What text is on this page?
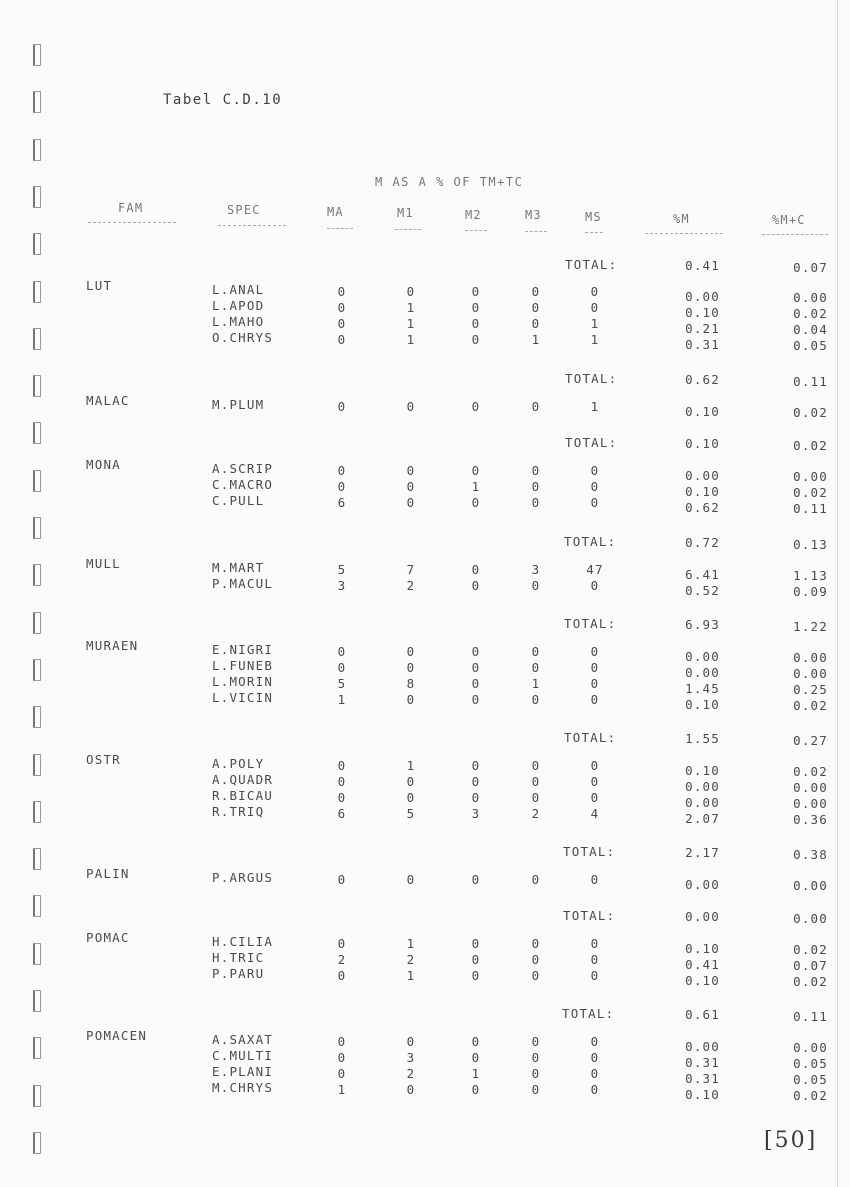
Tabel C.D.10
M AS A % OF TM+TC
FAM	SPEC	MA	M1	M2	M3	MS	%M	%M+C
TOTAL:	0.41	0.07
LUT	L.ANAL	0	0	0	0	0	0.00	0.00
L.APOD	0	1	0	0	0	0.10	0.02
L.MAHO	0	1	0	0	1	0.21	0.04
O.CHRYS	0	1	0	1	1	0.31	0.05
TOTAL:	0.62	0.11
MALAC	M.PLUM	0	0	0	0	1	0.10	0.02
TOTAL:	0.10	0.02
MONA	A.SCRIP	0	0	0	0	0	0.00	0.00
C.MACRO	0	0	1	0	0	0.10	0.02
C.PULL	6	0	0	0	0	0.62	0.11
TOTAL:	0.72	0.13
MULL	M.MART	5	7	0	3	47	6.41	1.13
P.MACUL	3	2	0	0	0	0.52	0.09
TOTAL:	6.93	1.22
MURAEN	E.NIGRI	0	0	0	0	0	0.00	0.00
L.FUNEB	0	0	0	0	0	0.00	0.00
L.MORIN	5	8	0	1	0	1.45	0.25
L.VICIN	1	0	0	0	0	0.10	0.02
TOTAL:	1.55	0.27
OSTR	A.POLY	0	1	0	0	0	0.10	0.02
A.QUADR	0	0	0	0	0	0.00	0.00
R.BICAU	0	0	0	0	0	0.00	0.00
R.TRIQ	6	5	3	2	4	2.07	0.36
TOTAL:	2.17	0.38
PALIN	P.ARGUS	0	0	0	0	0	0.00	0.00
TOTAL:	0.00	0.00
POMAC	H.CILIA	0	1	0	0	0	0.10	0.02
H.TRIC	2	2	0	0	0	0.41	0.07
P.PARU	0	1	0	0	0	0.10	0.02
TOTAL:	0.61	0.11
POMACEN	A.SAXAT	0	0	0	0	0	0.00	0.00
C.MULTI	0	3	0	0	0	0.31	0.05
E.PLANI	0	2	1	0	0	0.31	0.05
M.CHRYS	1	0	0	0	0	0.10	0.02
[50]
